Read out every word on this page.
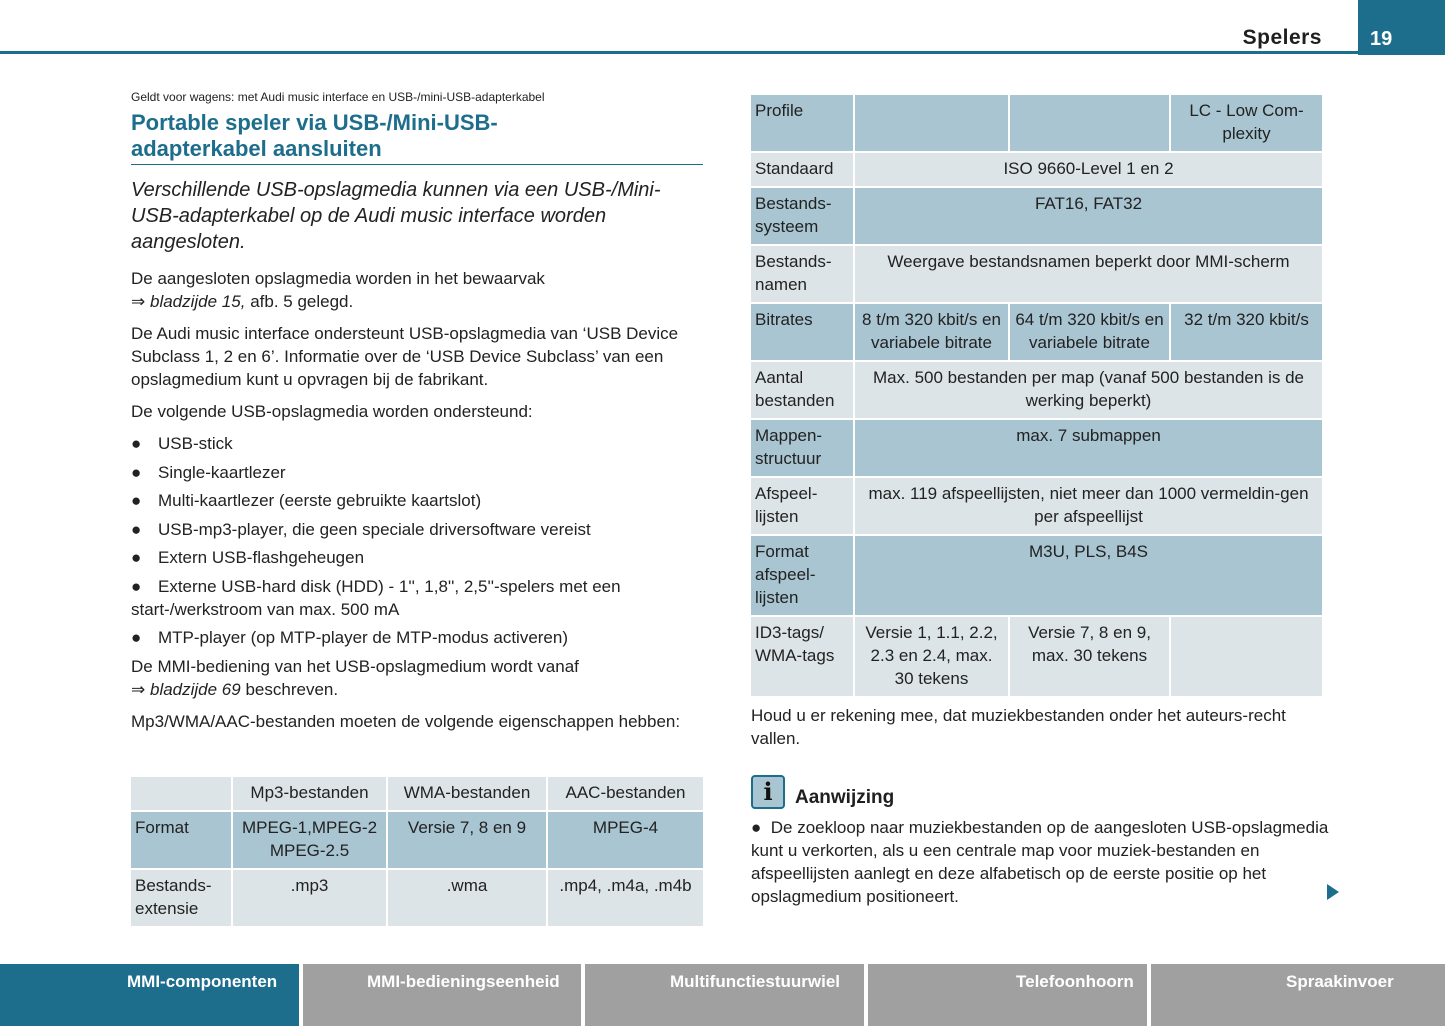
Spelers 19
Geldt voor wagens: met Audi music interface en USB-/mini-USB-adapterkabel
Portable speler via USB-/Mini-USB-
adapterkabel aansluiten
Verschillende USB-opslagmedia kunnen via een USB-/Mini-USB-adapterkabel op de Audi music interface worden aangesloten.
De aangesloten opslagmedia worden in het bewaarvak
⇒ bladzijde 15, afb. 5 gelegd.
De Audi music interface ondersteunt USB-opslagmedia van ‘USB Device Subclass 1, 2 en 6’. Informatie over de ‘USB Device Subclass’ van een opslagmedium kunt u opvragen bij de fabrikant.
De volgende USB-opslagmedia worden ondersteund:
● USB-stick
● Single-kaartlezer
● Multi-kaartlezer (eerste gebruikte kaartslot)
● USB-mp3-player, die geen speciale driversoftware vereist
● Extern USB-flashgeheugen
● Externe USB-hard disk (HDD) - 1'', 1,8'', 2,5''-spelers met een start-/werkstroom van max. 500 mA
● MTP-player (op MTP-player de MTP-modus activeren)
De MMI-bediening van het USB-opslagmedium wordt vanaf
⇒ bladzijde 69 beschreven.
Mp3/WMA/AAC-bestanden moeten de volgende eigenschappen hebben:
	Mp3-bestanden	WMA-bestanden	AAC-bestanden
Format	MPEG-1,MPEG-2 MPEG-2.5	Versie 7, 8 en 9	MPEG-4
Bestands-extensie	.mp3	.wma	.mp4, .m4a, .m4b
Profile			LC - Low Com-plexity
Standaard	ISO 9660-Level 1 en 2		
Bestands-systeem	FAT16, FAT32		
Bestands-namen	Weergave bestandsnamen beperkt door MMI-scherm		
Bitrates	8 t/m 320 kbit/s en variabele bitrate	64 t/m 320 kbit/s en variabele bitrate	32 t/m 320 kbit/s
Aantal bestanden	Max. 500 bestanden per map (vanaf 500 bestanden is de werking beperkt)		
Mappen-structuur	max. 7 submappen		
Afspeel-lijsten	max. 119 afspeellijsten, niet meer dan 1000 vermeldin-gen per afspeellijst		
Format afspeel-lijsten	M3U, PLS, B4S		
ID3-tags/ WMA-tags	Versie 1, 1.1, 2.2, 2.3 en 2.4, max. 30 tekens	Versie 7, 8 en 9, max. 30 tekens	
Houd u er rekening mee, dat muziekbestanden onder het auteurs-recht vallen.
i	Aanwijzing
● De zoekloop naar muziekbestanden op de aangesloten USB-opslagmedia kunt u verkorten, als u een centrale map voor muziek-bestanden en afspeellijsten aanlegt en deze alfabetisch op de eerste positie op het opslagmedium positioneert.
MMI-componenten	MMI-bedieningseenheid	Multifunctiestuurwiel	Telefoonhoorn	Spraakinvoer
